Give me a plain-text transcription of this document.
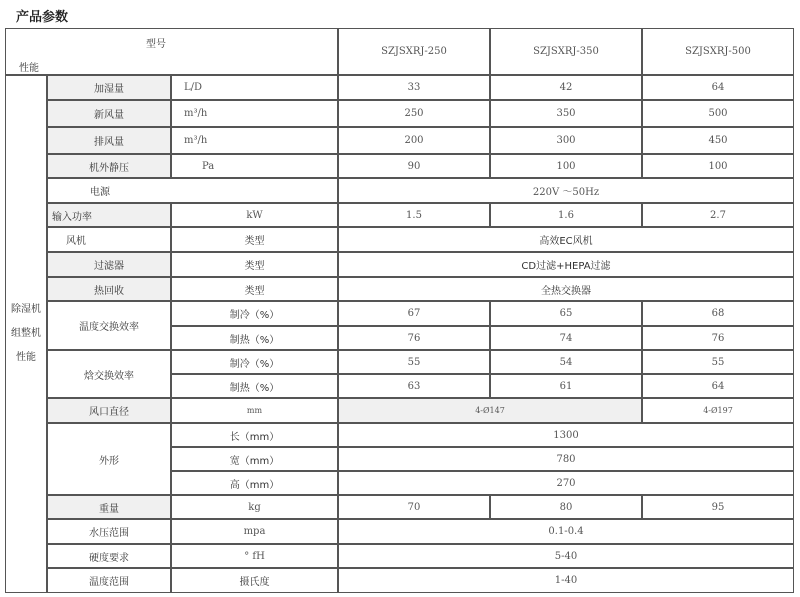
产品参数
型号
性能
SZJSXRJ-250	SZJSXRJ-350	SZJSXRJ-500
除湿机
组整机
性能
加湿量	L/D	33	42	64
新风量	m³/h	250	350	500
排风量	m³/h	200	300	450
机外静压	Pa	90	100	100
电源	220V ～50Hz
输入功率	kW	1.5	1.6	2.7
风机	类型	高效EC风机
过滤器	类型	CD过滤+HEPA过滤
热回收	类型	全热交换器
温度交换效率
制冷（%）	67	65	68
制热（%）	76	74	76
焓交换效率
制冷（%）	55	54	55
制热（%）	63	61	64
风口直径	mm	4-Ø147	4-Ø197
外形
长（mm）	1300
宽（mm）	780
高（mm）	270
重量	kg	70	80	95
水压范围	mpa	0.1-0.4
硬度要求	° fH	5-40
温度范围	摄氏度	1-40
